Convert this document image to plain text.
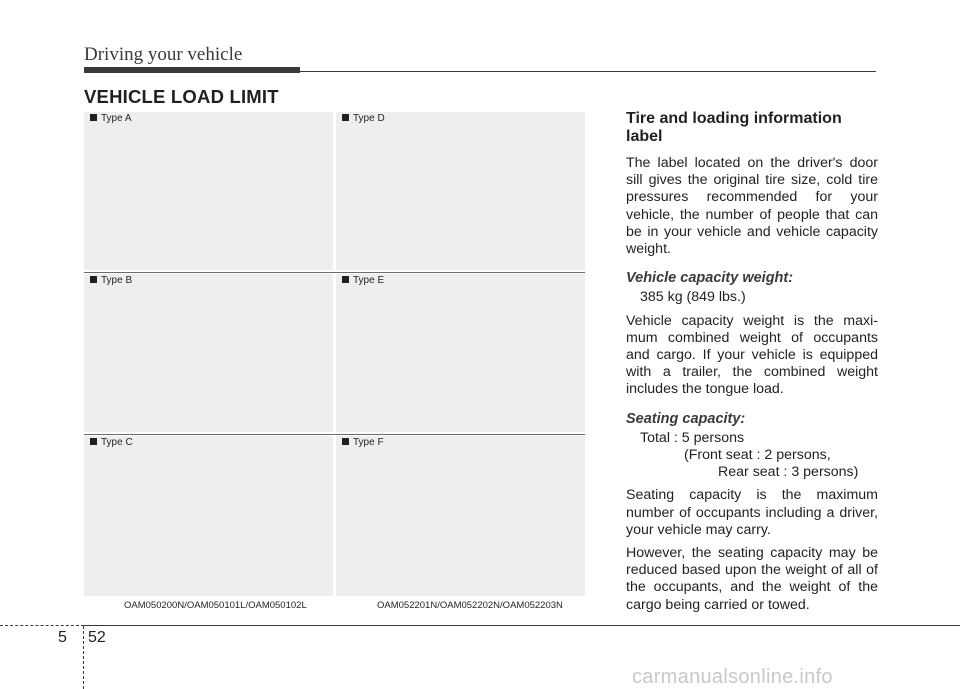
Driving your vehicle
VEHICLE LOAD LIMIT
Type A
Type B
Type C
Type D
Type E
Type F
OAM050200N/OAM050101L/OAM050102L	OAM052201N/OAM052202N/OAM052203N
Tire and loading information label

The label located on the driver's door sill gives the original tire size, cold tire pressures recommended for your vehicle, the number of people that can be in your vehicle and vehicle capacity weight.

Vehicle capacity weight:
385 kg (849 lbs.)

Vehicle capacity weight is the maxi-mum combined weight of occupants and cargo. If your vehicle is equipped with a trailer, the combined weight includes the tongue load.

Seating capacity:
Total : 5 persons
(Front seat : 2 persons,
Rear seat : 3 persons)

Seating capacity is the maximum number of occupants including a driver, your vehicle may carry.

However, the seating capacity may be reduced based upon the weight of all of the occupants, and the weight of the cargo being carried or towed.

5 52
carmanualsonline.info
